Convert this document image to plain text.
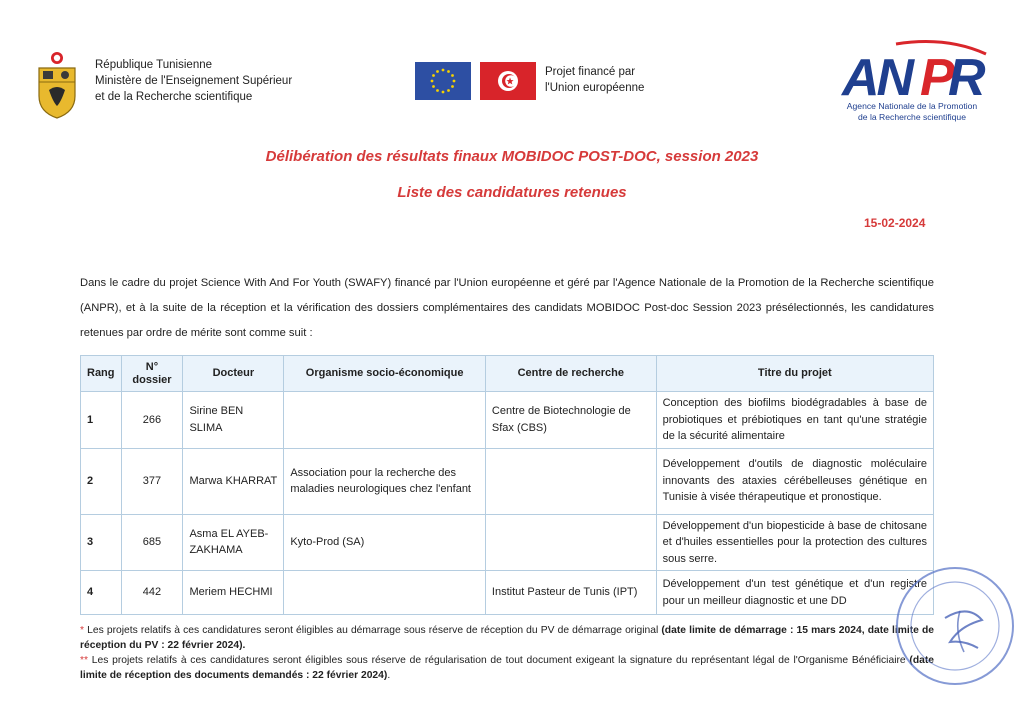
République Tunisienne
Ministère de l'Enseignement Supérieur
et de la Recherche scientifique
Projet financé par
l'Union européenne	AN P
R
Agence Nationale de la Promotion
de la Recherche scientifique
Délibération des résultats finaux MOBIDOC POST-DOC, session 2023
Liste des candidatures retenues
15-02-2024

Dans le cadre du projet Science With And For Youth (SWAFY) financé par l'Union européenne et géré par l'Agence Nationale de la Promotion de la Recherche scientifique (ANPR), et à la suite de la réception et la vérification des dossiers complémentaires des candidats MOBIDOC Post-doc Session 2023 présélectionnés, les candidatures retenues par ordre de mérite sont comme suit :

Rang	N° dossier	Docteur	Organisme socio-économique	Centre de recherche	Titre du projet
1	266	Sirine BEN SLIMA		Centre de Biotechnologie de Sfax (CBS)	Conception des biofilms biodégradables à base de probiotiques et prébiotiques en tant qu'une stratégie de la sécurité alimentaire
2	377	Marwa KHARRAT	Association pour la recherche des maladies neurologiques chez l'enfant		Développement d'outils de diagnostic moléculaire innovants des ataxies cérébelleuses génétique en Tunisie à visée thérapeutique et pronostique.
3	685	Asma EL AYEB-ZAKHAMA	Kyto-Prod (SA)		Développement d'un biopesticide à base de chitosane et d'huiles essentielles pour la protection des cultures sous serre.
4	442	Meriem HECHMI		Institut Pasteur de Tunis (IPT)	Développement d'un test génétique et d'un registre pour un meilleur diagnostic et une DD
* Les projets relatifs à ces candidatures seront éligibles au démarrage sous réserve de réception du PV de démarrage original (date limite de démarrage : 15 mars 2024, date limite de réception du PV : 22 février 2024).
** Les projets relatifs à ces candidatures seront éligibles sous réserve de régularisation de tout document exigeant la signature du représentant légal de l'Organisme Bénéficiaire (date limite de réception des documents demandés : 22 février 2024).
